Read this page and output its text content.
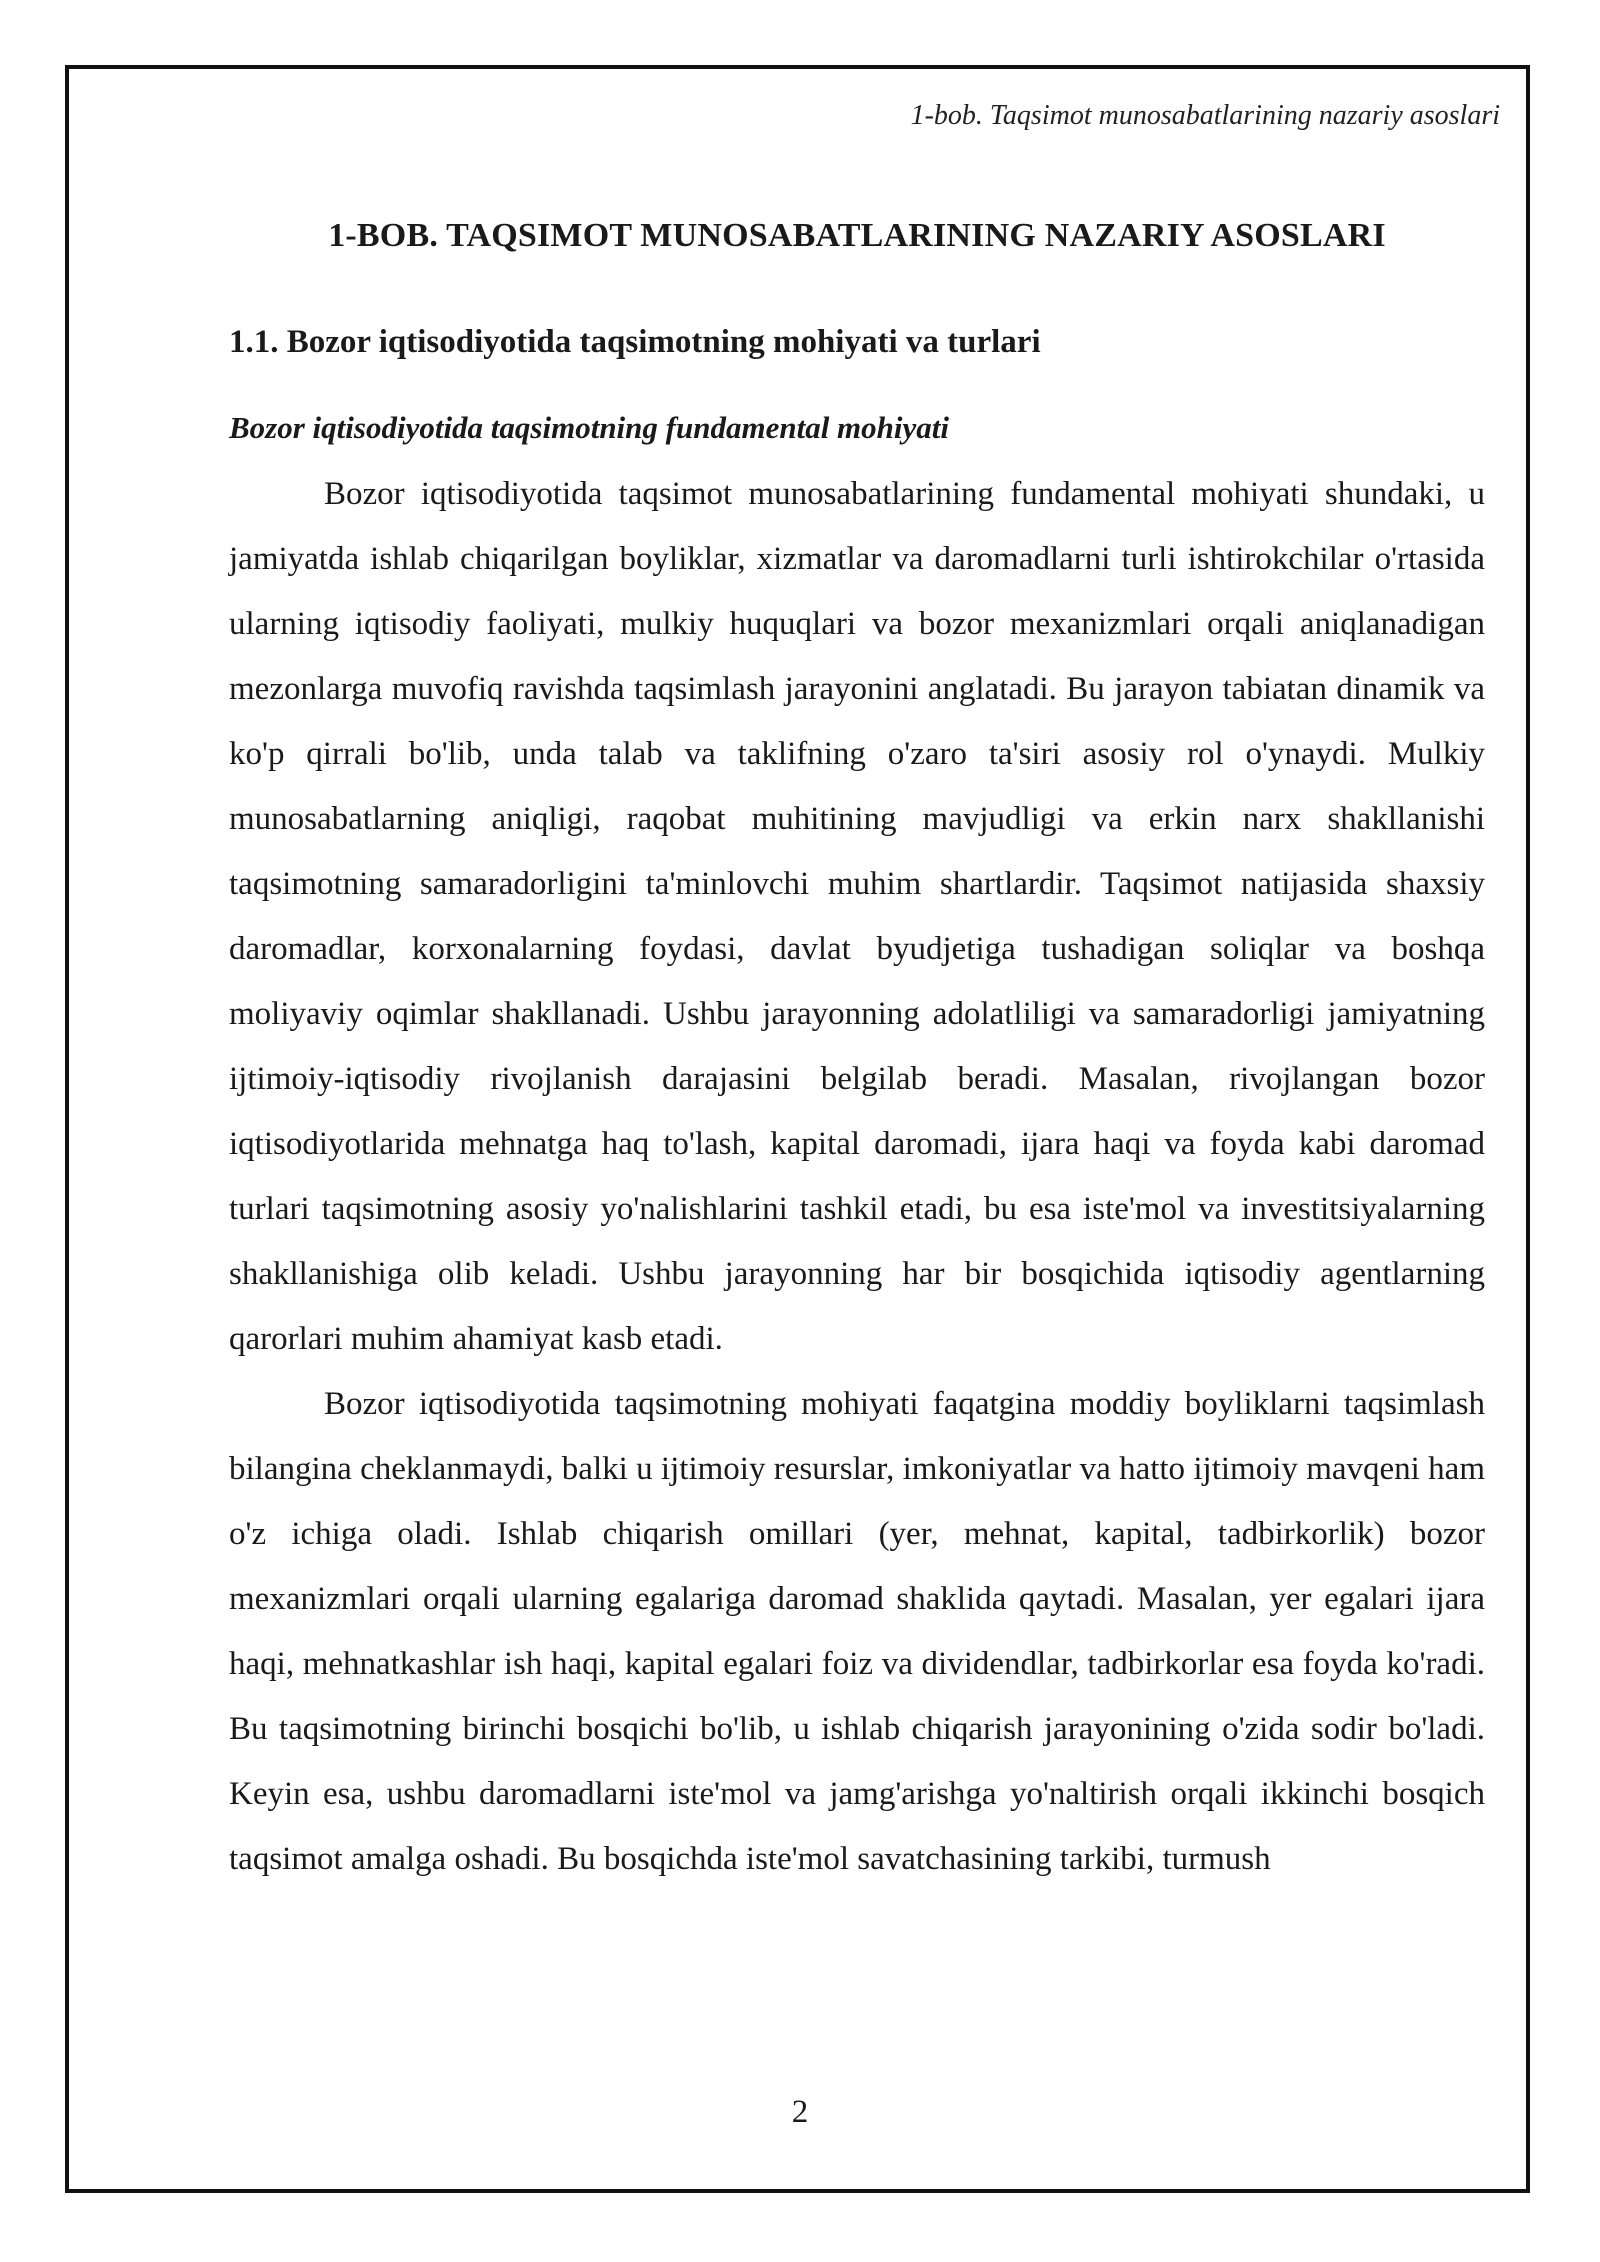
1-bob. Taqsimot munosabatlarining nazariy asoslari
1-BOB. TAQSIMOT MUNOSABATLARINING NAZARIY ASOSLARI
1.1. Bozor iqtisodiyotida taqsimotning mohiyati va turlari
Bozor iqtisodiyotida taqsimotning fundamental mohiyati

Bozor iqtisodiyotida taqsimot munosabatlarining fundamental mohiyati shundaki, u jamiyatda ishlab chiqarilgan boyliklar, xizmatlar va daromadlarni turli ishtirokchilar o'rtasida ularning iqtisodiy faoliyati, mulkiy huquqlari va bozor mexanizmlari orqali aniqlanadigan mezonlarga muvofiq ravishda taqsimlash jarayonini anglatadi. Bu jarayon tabiatan dinamik va ko'p qirrali bo'lib, unda talab va taklifning o'zaro ta'siri asosiy rol o'ynaydi. Mulkiy munosabatlarning aniqligi, raqobat muhitining mavjudligi va erkin narx shakllanishi taqsimotning samaradorligini ta'minlovchi muhim shartlardir. Taqsimot natijasida shaxsiy daromadlar, korxonalarning foydasi, davlat byudjetiga tushadigan soliqlar va boshqa moliyaviy oqimlar shakllanadi. Ushbu jarayonning adolatliligi va samaradorligi jamiyatning ijtimoiy-iqtisodiy rivojlanish darajasini belgilab beradi. Masalan, rivojlangan bozor iqtisodiyotlarida mehnatga haq to'lash, kapital daromadi, ijara haqi va foyda kabi daromad turlari taqsimotning asosiy yo'nalishlarini tashkil etadi, bu esa iste'mol va investitsiyalarning shakllanishiga olib keladi. Ushbu jarayonning har bir bosqichida iqtisodiy agentlarning qarorlari muhim ahamiyat kasb etadi.

Bozor iqtisodiyotida taqsimotning mohiyati faqatgina moddiy boyliklarni taqsimlash bilangina cheklanmaydi, balki u ijtimoiy resurslar, imkoniyatlar va hatto ijtimoiy mavqeni ham o'z ichiga oladi. Ishlab chiqarish omillari (yer, mehnat, kapital, tadbirkorlik) bozor mexanizmlari orqali ularning egalariga daromad shaklida qaytadi. Masalan, yer egalari ijara haqi, mehnatkashlar ish haqi, kapital egalari foiz va dividendlar, tadbirkorlar esa foyda ko'radi. Bu taqsimotning birinchi bosqichi bo'lib, u ishlab chiqarish jarayonining o'zida sodir bo'ladi. Keyin esa, ushbu daromadlarni iste'mol va jamg'arishga yo'naltirish orqali ikkinchi bosqich taqsimot amalga oshadi. Bu bosqichda iste'mol savatchasining tarkibi, turmush

2
